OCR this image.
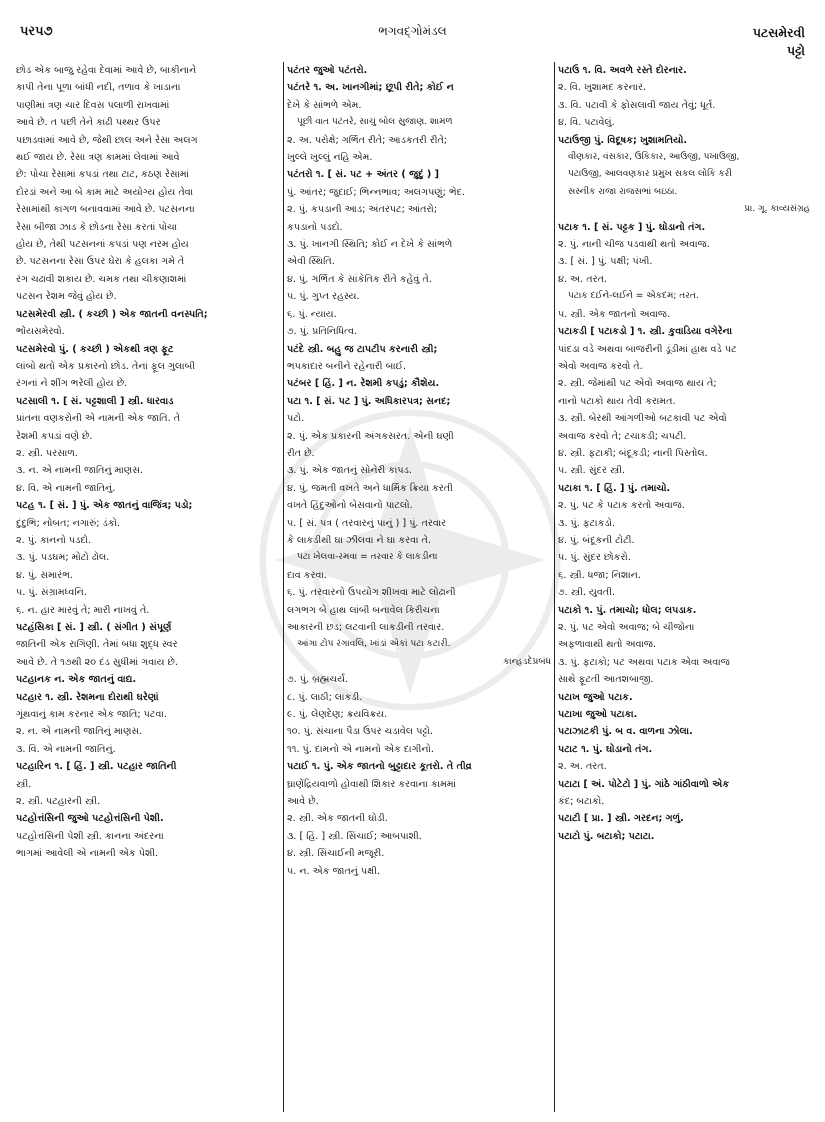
ભગવદ્ગોમંડલ
પરપ૭	પટસમેરવી
પટ્ટો
છોડ એક બાજુ રહેવા દેવામાં આવે છે, બાકીનાને
કાપી તેના પૂળા બાંધી નદી, તળાવ કે ખાડાના
પાણીમાં ત્રણ ચાર દિવસ પલાળી રાખવામાં
આવે છે. ત પછી તેને કાઢી પથ્થર ઉપર
પછાડવામાં આવે છે, જેથી છાલ અને રેસા અલગ
થઈ જાય છે. રેસા ત્રણ કામમાં લેવામાં આવે
છે: પોચા રેસામાં કપડાં તથા ટાટ, કઠણ રેસામાં
દોરડાં અને આ બે કામ માટે અયોગ્ય હોય તેવા
રેસામાંથી કાગળ બનાવવામાં આવે છે. પટસનના
રેસા બીજા ઝાડ કે છોડના રેસા કરતાં પોચા
હોય છે, તેથી પટસનનાં કપડાં પણ નરમ હોય
છે. પટસનના રેસા ઉપર ઘેરા કે હલકા ગમે તે
રંગ ચઢાવી શકાય છે. ચમક તથા ચીકણાશમાં
પટસન રેશમ જેવું હોય છે.
પટસમેરવી સ્ત્રી. ( કચ્છી ) એક જાતની વનસ્પતિ;
ભોંયસમેરવો.
પટસમેરવો પું. ( કચ્છી ) એકથી ત્રણ ફૂટ
લાંબો થતો એક પ્રકારનો છોડ. તેનાં ફૂલ ગુલાબી
રંગનાં ને શીંગ ભરેલી હોય છે.
પટસાલી ૧. [ સં. પટ્ટશાલી ] સ્ત્રી. ધારવાડ
પ્રાંતના વણકરોની એ નામની એક જાતિ. તે
રેશમી કપડાં વણે છે.
૨. સ્ત્રી. પરસાળ.
૩. ન. એ નામની જાતિનું માણસ.
૪. વિ. એ નામની જાતિનું.
પટહ ૧. [ સં. ] પું. એક જાતનું વાજિંત્ર; પડો;
દુંદુભિ; નોબત; નગારું; ડંકો.
૨. પું. કાનનો પડદો.
૩. પું. પડઘમ; મોટો ઢોલ.
૪. પું. સમારંભ.
૫. પું. સંગ્રામધ્વનિ.
૬. ન. હાર મારવું તે; મારી નાખવું તે.
પટહંસિકા [ સં. ] સ્ત્રી. ( સંગીત ) સંપૂર્ણ
જાતિની એક રાગિણી. તેમાં બધા શુદ્ધ સ્વર
આવે છે. તે ૧૭થી ૨૦ દંડ સુધીમાં ગવાય છે.
પટહાનક ન. એક જાતનું વાદ્ય.
પટહાર ૧. સ્ત્રી. રેશમના દોરાથી ઘરેણાં
ગૂંથવાનું કામ કરનાર એક જાતિ; પટવા.
૨. ન. એ નામની જાતિનું માણસ.
૩. વિ. એ નામની જાતિનું.
પટહારિન ૧. [ હિં. ] સ્ત્રી. પટહાર જાતિની
સ્ત્રી.
૨. સ્ત્રી. પટહારની સ્ત્રી.
પટહોત્તંસિની જુઓ પટહોત્તંસિની પેશી.
પટહોત્તંસિની પેશી સ્ત્રી. કાનના અંદરના
ભાગમાં આવેલી એ નામની એક પેશી.
પટંતર જુઓ પટંતરો.
પટંતરે ૧. અ. ખાનગીમાં; છૂપી રીતે; કોઈ ન
દેખે કે સાંભળે એમ.
પૂછી વાત પટંતરે, સાચું બોલ સુજાણ. શામળ
૨. અ. પરોક્ષે; ગર્ભિત રીતે; આડકતરી રીતે;
ખુલ્લે ખુલ્લું નહિ એમ.
પટંતરો ૧. [ સં. પટ + અંતર ( જુદું ) ]
પું. આંતર; જુદાઈ; ભિન્નભાવ; અલગપણું; ભેદ.
૨. પું. કપડાની આડ; અંતરપટ; આંતરો;
કપડાનો પડદો.
૩. પું. ખાનગી સ્થિતિ; કોઈ ન દેખે કે સાંભળે
એવી સ્થિતિ.
૪. પું. ગર્ભિત કે સાંકેતિક રીતે કહેવું તે.
૫. પું. ગુપ્ત રહસ્ય.
૬. પું. ન્યાય.
૭. પું. પ્રતિનિધિત્વ.
પટંદે સ્ત્રી. બહુ જ ટાપટીપ કરનારી સ્ત્રી;
ભપકાદાર બનીને રહેનારી બાઈ.
પટંબર [ હિં. ] ન. રેશમી કપડું; કૌશેય.
પટા ૧. [ સં. પટ ] પું. અધિકારપત્ર; સનદ;
પટો.
૨. પું. એક પ્રકારની અંગકસરત. એની ઘણી
રીત છે.
૩. પું. એક જાતનું સોનેરી કાપડ.
૪. પું. જમતી વખતે અને ધાર્મિક ક્રિયા કરતી
વખતે હિંદુઓનો બેસવાનો પાટલો.
૫. [ સં. પત્ર ( તરવારનું પાનું ) ] પું. તરવાર
કે લાકડીથી ઘા ઝીલવા ને ઘા કરવા તે.
પટા ખેલવા-રમવા = તરવાર કે લાકડીના
દાવ કરવા.
૬. પું. તરવારનો ઉપયોગ શીખવા માટે લોઢાની
લગભગ બે હાથ લાંબી બનાવેલ કિરીચના
આકારની છડ; લટવાની લાકડીની તરવાર.
આંગા ટોપ રંગાવલિ, ખાંડાં એકાં પટા કટારી.
કાન્હડદેપ્રબંધ
૭. પું. બ્રહ્મચર્ય.
૮. પું. લાઠી; લાકડી.
૯. પું. લેણદેણ; ક્રયવિક્રય.
૧૦. પું. સંચાના પૈડા ઉપર ચડાવેલ પટ્ટો.
૧૧. પું. દામનો એ નામનો એક દાગીનો.
પટાઈ ૧. પું. એક જાતનો બુટ્ટાદાર કૂતરો. તે તીવ્ર
ઘ્રાણેંદ્રિયવાળો હોવાથી શિકાર કરવાના કામમાં
આવે છે.
૨. સ્ત્રી. એક જાતની ઘોડી.
૩. [ હિં. ] સ્ત્રી. સિંચાઈ; આબપાશી.
૪. સ્ત્રી. સિંચાઈની મજૂરી.
૫. ન. એક જાતનું પક્ષી.
પટાઉ ૧. વિ. અવળે રસ્તે દોરનાર.
૨. વિ. ખુશામદ કરનાર.
૩. વિ. પટાવી કે ફોસલાવી જાય તેવું; ધૂર્ત.
૪. વિ. પટાવેલું.
પટાઉજી પું. વિદૂષક; ખુશામતિયો.
વીણકાર, વંસકાર, ઉકિકાર, આઉજી, પખાઉજી,
પટાઉજી, આલવણકાર પ્રમુખ સકલ લોકિ કરી
સસ્નીક રાજા રાજસભાં બઇઠા.
પ્રા. ગૂ. કાવ્યસંગ્રહ
પટાક ૧. [ સં. પટ્ટક ] પું. ઘોડાનો તંગ.
૨. પું. નાની ચીજ પડવાથી થતો અવાજ.
૩. [ સં. ] પું. પક્ષી; પંખી.
૪. અ. તરત.
પટાક દઈને-લઈને = એકદમ; તરત.
૫. સ્ત્રી. એક જાતનો અવાજ.
પટાકડી [ પટાકડો ] ૧. સ્ત્રી. કુવાડિયા વગેરેના
પાંદડા વડે અથવા બાજરીની ડૂંડીમાં હાથ વડે પટ
એવો અવાજ કરવો તે.
૨. સ્ત્રી. જેમાંથી પટ એવો અવાજ થાય તે;
નાનો પટાકો થાય તેવી કરામત.
૩. સ્ત્રી. બેરથી આંગળીઓ બટકાવી પટ એવો
અવાજ કરવો તે; ટચાકડી; ચપટી.
૪. સ્ત્રી. ફટાકી; બંદૂકડી; નાની પિસ્તોલ.
૫. સ્ત્રી. સુંદર સ્ત્રી.
પટાકા ૧. [ હિં. ] પું. તમાચો.
૨. પું. પટ કે પટાક કરતો અવાજ.
૩. પું. ફટાકડો.
૪. પું. બંદૂકની ટોટી.
૫. પું. સુંદર છોકરો.
૬. સ્ત્રી. ધજા; નિશાન.
૭. સ્ત્રી. યુવતી.
પટાકો ૧. પું. તમાચો; ધોલ; લપડાક.
૨. પું. પટ એવો અવાજ; બે ચીજોના
અફળાવાથી થતો અવાજ.
૩. પું. ફટાકો; પટ અથવા પટાક એવા અવાજ
સાથે ફૂટતી આતશબાજી.
પટાખ જુઓ પટાક.
પટાખા જુઓ પટાકા.
પટાઝાટકી પું. બ વ. વાળના ઝોલા.
પટાટ ૧. પું. ઘોડાનો તંગ.
૨. અ. તરત.
પટાટા [ અં. પોટેટો ] પું. ગાંઠે ગાંઠીવાળો એક
કંદ; બટાકો.
પટાટી [ પ્રા. ] સ્ત્રી. ગરદન; ગળું.
પટાટો પું. બટાકો; પટાટા.
